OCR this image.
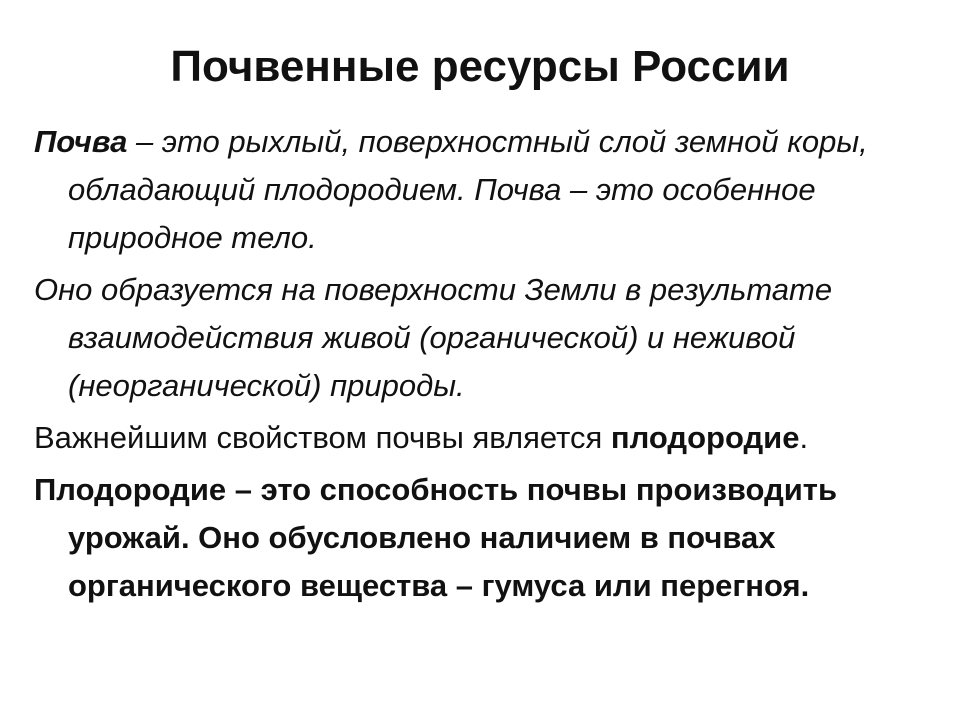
Почвенные ресурсы России

Почва – это рыхлый, поверхностный слой земной коры, обладающий плодородием. Почва – это особенное природное тело.

Оно образуется на поверхности Земли в результате взаимодействия живой (органической) и неживой (неорганической) природы.

Важнейшим свойством почвы является плодородие.

Плодородие – это способность почвы производить урожай. Оно обусловлено наличием в почвах органического вещества – гумуса или перегноя.
